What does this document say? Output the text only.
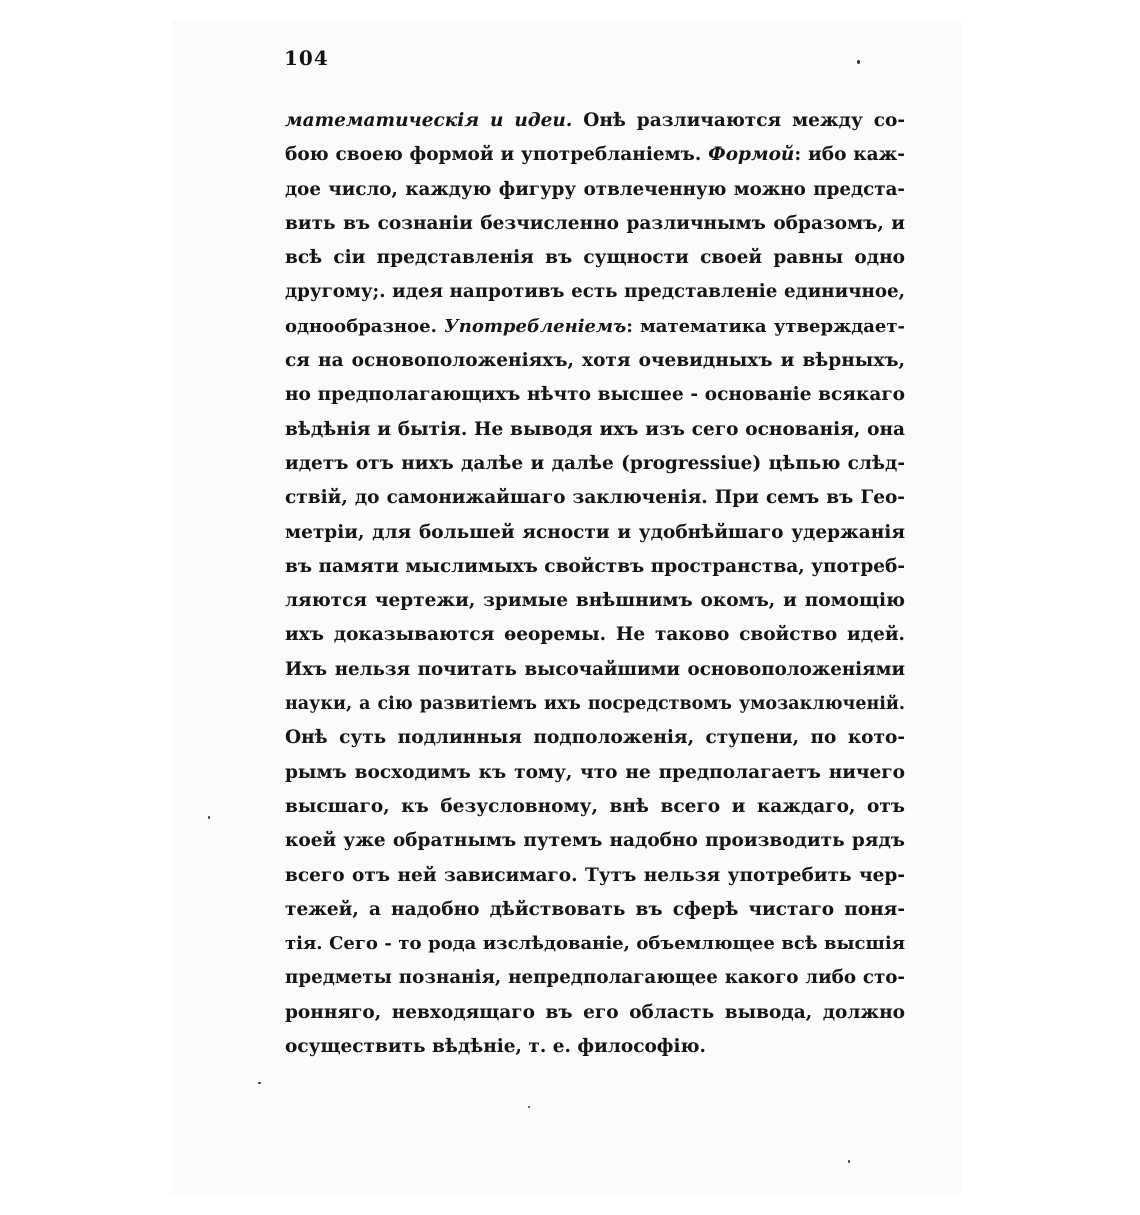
104
математическія и идеи. Онѣ различаются между со-
бою своею формой и употребланіемъ. Формой: ибо каж-
дое число, каждую фигуру отвлеченную можно предста-
вить въ сознаніи безчисленно различнымъ образомъ, и
всѣ сіи представленія въ сущности своей равны одно
другому;. идея напротивъ есть представленіе единичное,
однообразное. Употребленіемъ: математика утверждает-
ся на основоположеніяхъ, хотя очевидныхъ и вѣрныхъ,
но предполагающихъ нѣчто высшее - основаніе всякаго
вѣдѣнія и бытія. Не выводя ихъ изъ сего основанія, она
идетъ отъ нихъ далѣе и далѣе (progressiue) цѣпью слѣд-
ствій, до самонижайшаго заключенія. При семъ въ Гео-
метріи, для большей ясности и удобнѣйшаго удержанія
въ памяти мыслимыхъ свойствъ пространства, употреб-
ляются чертежи, зримые внѣшнимъ окомъ, и помощію
ихъ доказываются ѳеоремы. Не таково свойство идей.
Ихъ нельзя почитать высочайшими основоположеніями
науки, а сію развитіемъ ихъ посредствомъ умозаключеній.
Онѣ суть подлинныя подположенія, ступени, по кото-
рымъ восходимъ къ тому, что не предполагаетъ ничего
высшаго, къ безусловному, внѣ всего и каждаго, отъ
коей уже обратнымъ путемъ надобно производить рядъ
всего отъ ней зависимаго. Тутъ нельзя употребить чер-
тежей, а надобно дѣйствовать въ сферѣ чистаго поня-
тія. Сего - то рода изслѣдованіе, объемлющее всѣ высшія
предметы познанія, непредполагающее какого либо сто-
ронняго, невходящаго въ его область вывода, должно
осуществить вѣдѣніе, т. е. философію.
